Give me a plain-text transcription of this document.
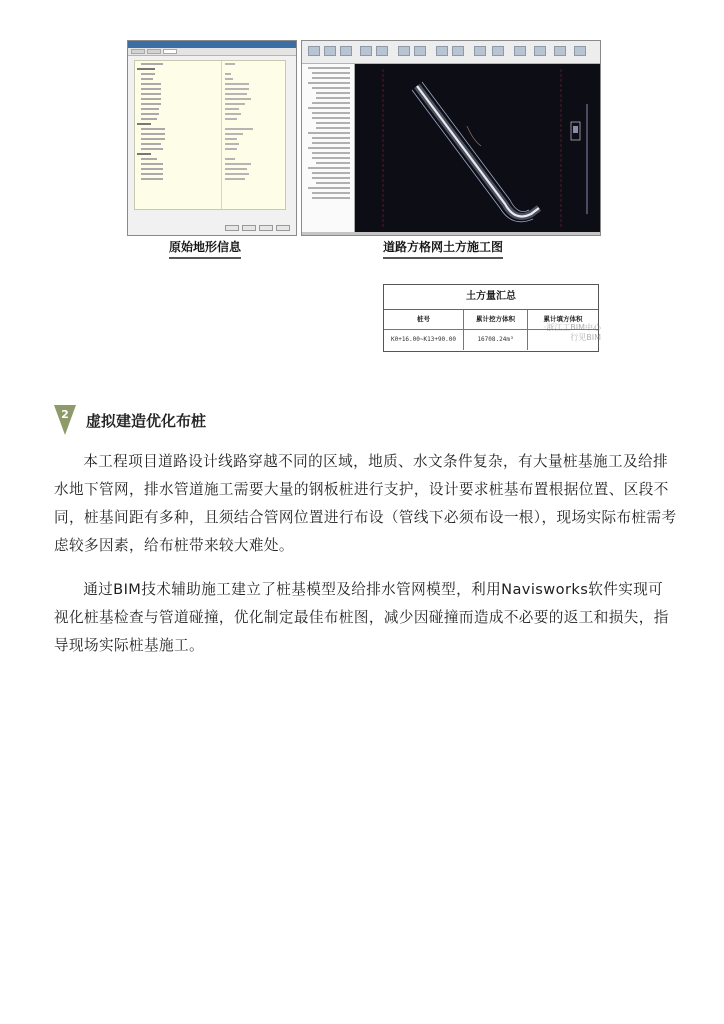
原始地形信息	道路方格网土方施工图
土方量汇总
桩号	累计挖方体积	累计填方体积
K0+16.00~K13+90.00	16708.24m³
·浙江工BIM中心
行见BIM
2	虚拟建造优化布桩

本工程项目道路设计线路穿越不同的区域，地质、水文条件复杂，有大量桩基施工及给排水地下管网，排水管道施工需要大量的钢板桩进行支护，设计要求桩基布置根据位置、区段不同，桩基间距有多种，且须结合管网位置进行布设（管线下必须布设一根），现场实际布桩需考虑较多因素，给布桩带来较大难处。

通过BIM技术辅助施工建立了桩基模型及给排水管网模型，利用Navisworks软件实现可视化桩基检查与管道碰撞，优化制定最佳布桩图，减少因碰撞而造成不必要的返工和损失，指导现场实际桩基施工。
